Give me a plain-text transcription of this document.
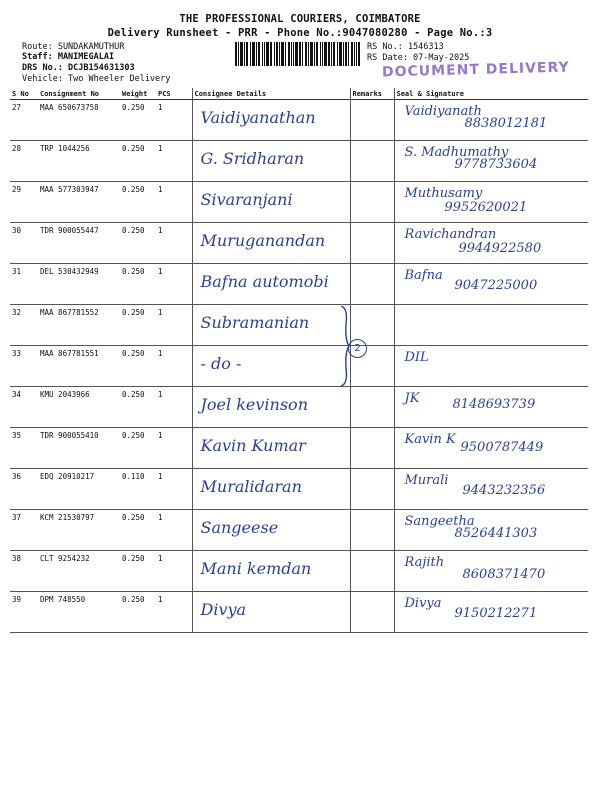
THE PROFESSIONAL COURIERS, COIMBATORE
Delivery Runsheet - PRR - Phone No.:9047080280 - Page No.:3
Route: SUNDAKAMUTHUR
Staff: MANIMEGALAI
DRS No.: DCJB154631303
Vehicle: Two Wheeler Delivery
RS No.: 1546313
RS Date: 07-May-2025
DOCUMENT DELIVERY
S No	Consignment No	Weight	PCS	Consignee Details	Remarks	Seal & Signature
27	MAA 650673758	0.250	1	Vaidiyanathan		Vaidiyanath
8838012181

28	TRP 1044256	0.250	1	G. Sridharan		S. Madhumathy
9778733604

29	MAA 577303947	0.250	1	Sivaranjani		Muthusamy
9952620021

30	TDR 900055447	0.250	1	Muruganandan		Ravichandran
9944922580

31	DEL 530432949	0.250	1	Bafna automobi		Bafna
9047225000

32	MAA 867781552	0.250	1	Subramanian		

33	MAA 867781551	0.250	1	- do -		DIL

34	KMU 2043966	0.250	1	Joel kevinson		JK 8148693739

35	TDR 900055410	0.250	1	Kavin Kumar		Kavin K
9500787449

36	EDQ 20910217	0.110	1	Muralidaran		Murali
9443232356

37	KCM 21530797	0.250	1	Sangeese		Sangeetha
8526441303

38	CLT 9254232	0.250	1	Mani kemdan		Rajith
8608371470

39	DPM 748550	0.250	1	Divya		Divya
9150212271
2
